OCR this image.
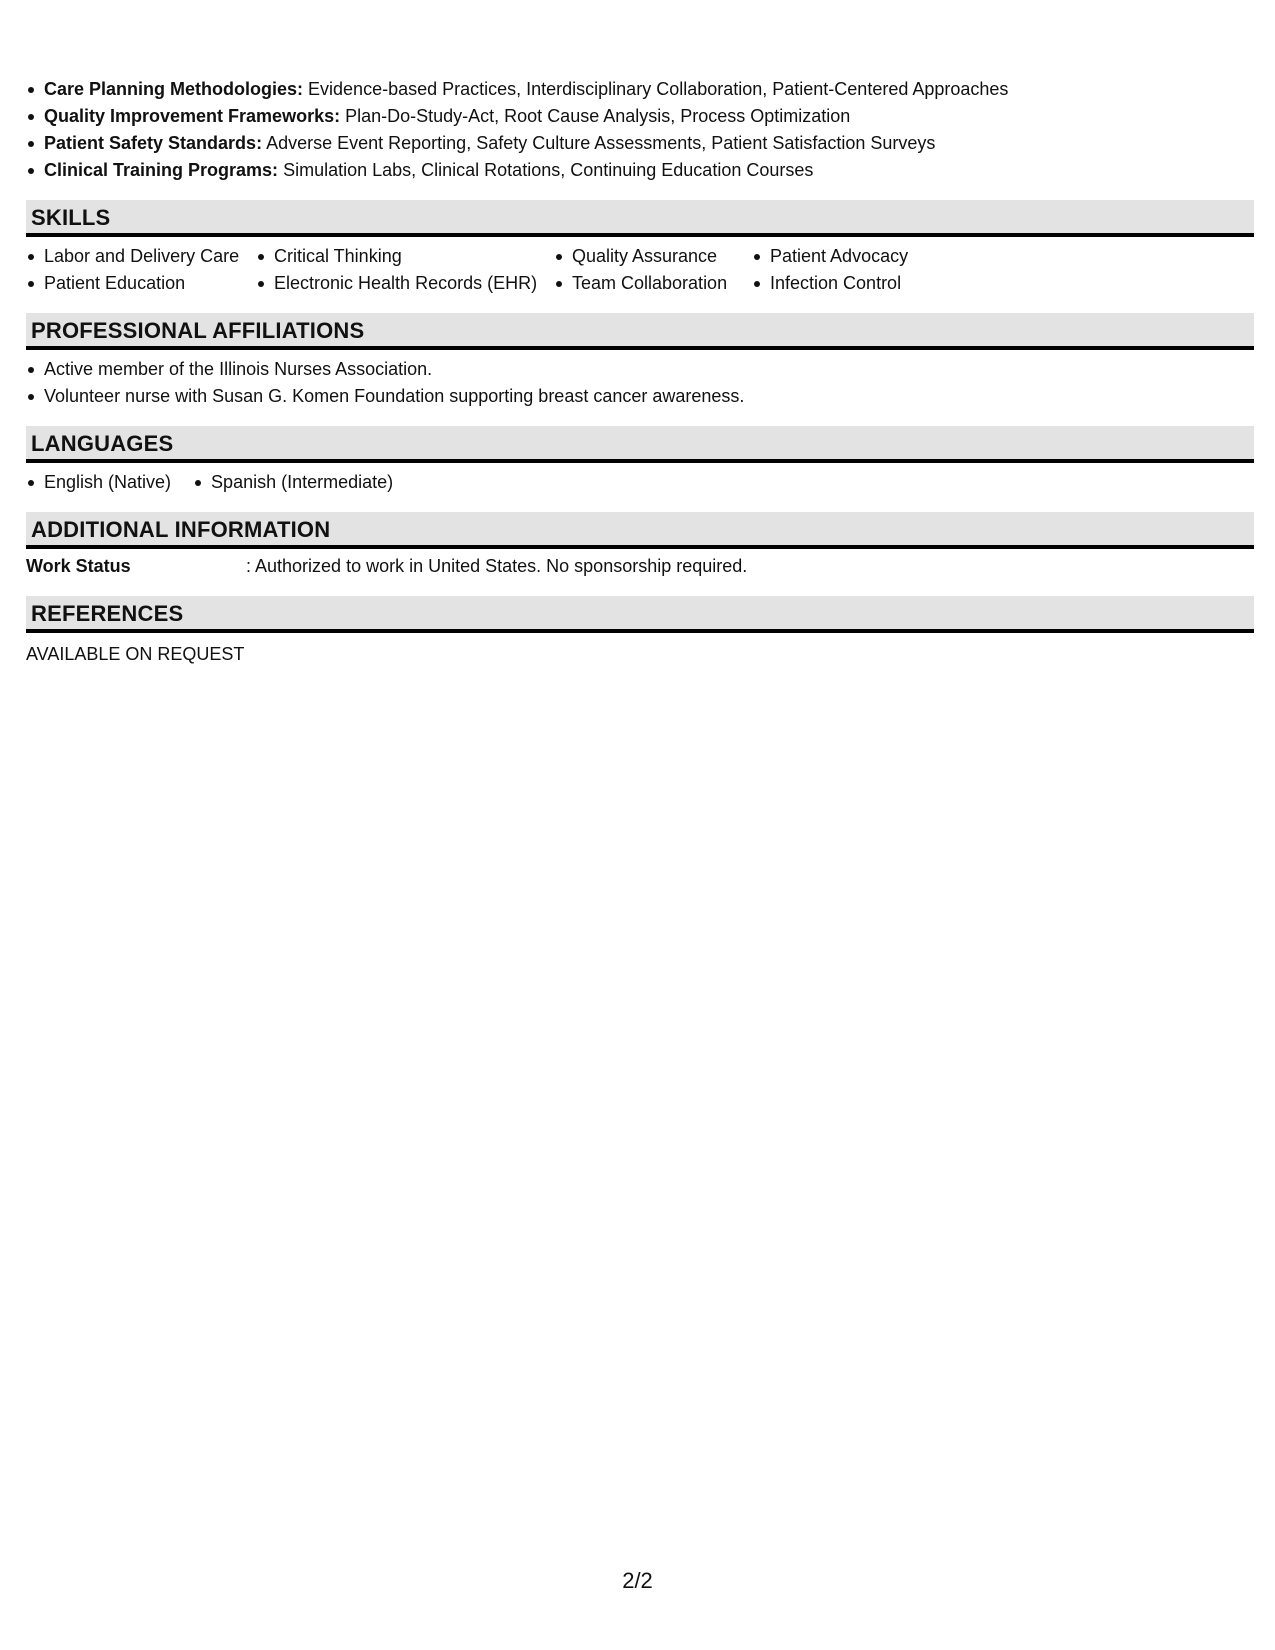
Care Planning Methodologies: Evidence-based Practices, Interdisciplinary Collaboration, Patient-Centered Approaches
Quality Improvement Frameworks: Plan-Do-Study-Act, Root Cause Analysis, Process Optimization
Patient Safety Standards: Adverse Event Reporting, Safety Culture Assessments, Patient Satisfaction Surveys
Clinical Training Programs: Simulation Labs, Clinical Rotations, Continuing Education Courses
SKILLS
Labor and Delivery Care
Patient Education
Critical Thinking
Electronic Health Records (EHR)
Quality Assurance
Team Collaboration
Patient Advocacy
Infection Control
PROFESSIONAL AFFILIATIONS
Active member of the Illinois Nurses Association.
Volunteer nurse with Susan G. Komen Foundation supporting breast cancer awareness.
LANGUAGES
English (Native)	Spanish (Intermediate)
ADDITIONAL INFORMATION
Work Status	: Authorized to work in United States. No sponsorship required.
REFERENCES
AVAILABLE ON REQUEST
2/2
